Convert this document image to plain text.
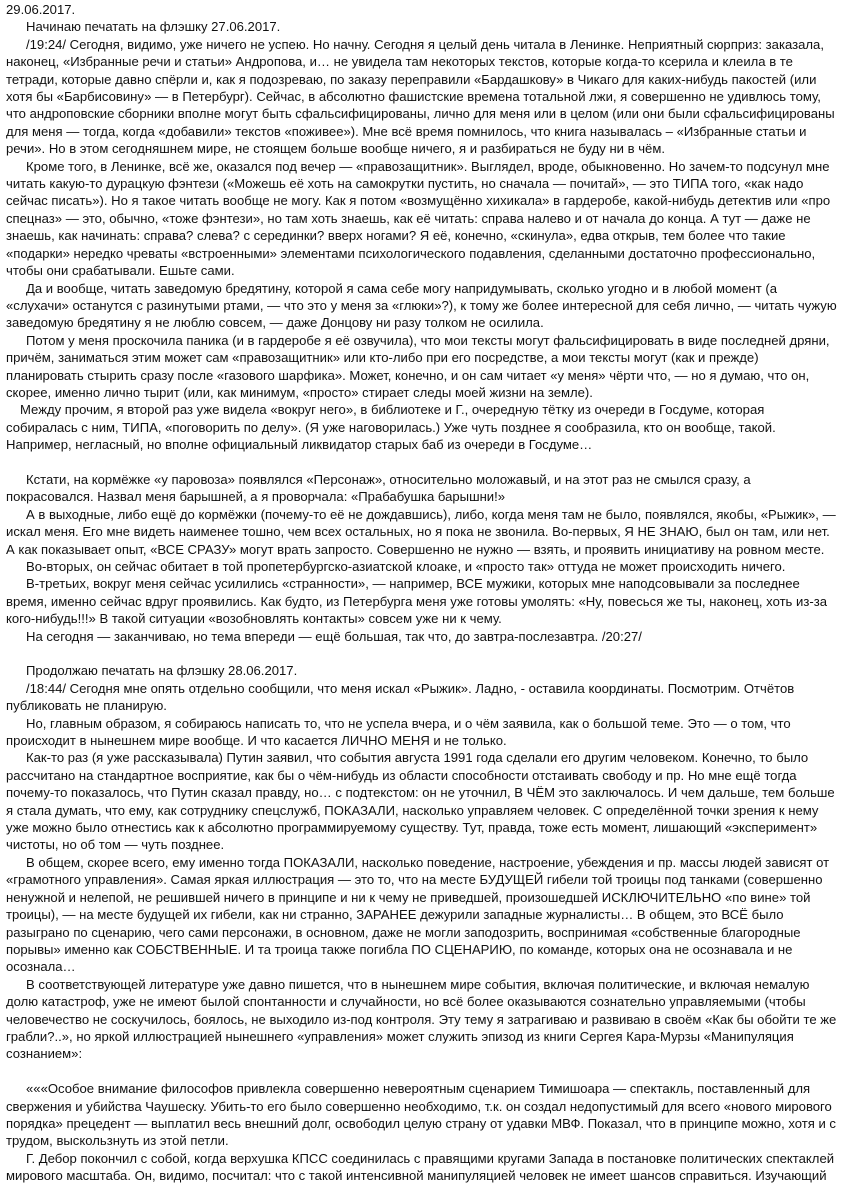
29.06.2017.

Начинаю печатать на флэшку 27.06.2017.

/19:24/ Сегодня, видимо, уже ничего не успею. Но начну. Сегодня я целый день читала в Ленинке. Неприятный сюрприз: заказала, наконец, «Избранные речи и статьи» Андропова, и… не увидела там некоторых текстов, которые когда-то ксерила и клеила в те тетради, которые давно спёрли и, как я подозреваю, по заказу переправили «Бардашкову» в Чикаго для каких-нибудь пакостей (или хотя бы «Барбисовину» — в Петербург). Сейчас, в абсолютно фашистские времена тотальной лжи, я совершенно не удивлюсь тому, что андроповские сборники вполне могут быть сфальсифицированы, лично для меня или в целом (или они были сфальсифицированы для меня — тогда, когда «добавили» текстов «поживее»). Мне всё время помнилось, что книга называлась – «Избранные статьи и речи». Но в этом сегодняшнем мире, не стоящем больше вообще ничего, я и разбираться не буду ни в чём.

Кроме того, в Ленинке, всё же, оказался под вечер — «правозащитник». Выглядел, вроде, обыкновенно. Но зачем-то подсунул мне читать какую-то дурацкую фэнтези («Можешь её хоть на самокрутки пустить, но сначала — почитай», — это ТИПА того, «как надо сейчас писать»). Но я такое читать вообще не могу. Как я потом «возмущённо хихикала» в гардеробе, какой-нибудь детектив или «про спецназ» — это, обычно, «тоже фэнтези», но там хоть знаешь, как её читать: справа налево и от начала до конца. А тут — даже не знаешь, как начинать: справа? слева? с серединки? вверх ногами? Я её, конечно, «скинула», едва открыв, тем более что такие «подарки» нередко чреваты «встроенными» элементами психологического подавления, сделанными достаточно профессионально, чтобы они срабатывали. Ешьте сами.

Да и вообще, читать заведомую бредятину, которой я сама себе могу напридумывать, сколько угодно и в любой момент (а «слухачи» останутся с разинутыми ртами, — что это у меня за «глюки»?), к тому же более интересной для себя лично, — читать чужую заведомую бредятину я не люблю совсем, — даже Донцову ни разу толком не осилила.

Потом у меня проскочила паника (и в гардеробе я её озвучила), что мои тексты могут фальсифицировать в виде последней дряни, причём, заниматься этим может сам «правозащитник» или кто-либо при его посредстве, а мои тексты могут (как и прежде) планировать стырить сразу после «газового шарфика». Может, конечно, и он сам читает «у меня» чёрти что, — но я думаю, что он, скорее, именно лично тырит (или, как минимум, «просто» стирает следы моей жизни на земле).

Между прочим, я второй раз уже видела «вокруг него», в библиотеке и Г., очередную тётку из очереди в Госдуме, которая собиралась с ним, ТИПА, «поговорить по делу». (Я уже наговорилась.) Уже чуть позднее я сообразила, кто он вообще, такой. Например, негласный, но вполне официальный ликвидатор старых баб из очереди в Госдуме…

Кстати, на кормёжке «у паровоза» появлялся «Персонаж», относительно моложавый, и на этот раз не смылся сразу, а покрасовался. Назвал меня барышней, а я проворчала: «Прабабушка барышни!»

А в выходные, либо ещё до кормёжки (почему-то её не дождавшись), либо, когда меня там не было, появлялся, якобы, «Рыжик», — искал меня. Его мне видеть наименее тошно, чем всех остальных, но я пока не звонила. Во-первых, Я НЕ ЗНАЮ, был он там, или нет. А как показывает опыт, «ВСЕ СРАЗУ» могут врать запросто. Совершенно не нужно — взять, и проявить инициативу на ровном месте.

Во-вторых, он сейчас обитает в той пропетербургско-азиатской клоаке, и «просто так» оттуда не может происходить ничего.

В-третьих, вокруг меня сейчас усилились «странности», — например, ВСЕ мужики, которых мне наподсовывали за последнее время, именно сейчас вдруг проявились. Как будто, из Петербурга меня уже готовы умолять: «Ну, повесься же ты, наконец, хоть из-за кого-нибудь!!!» В такой ситуации «возобновлять контакты» совсем уже ни к чему.

На сегодня — заканчиваю, но тема впереди — ещё большая, так что, до завтра-послезавтра. /20:27/

Продолжаю печатать на флэшку 28.06.2017.

/18:44/ Сегодня мне опять отдельно сообщили, что меня искал «Рыжик». Ладно, - оставила координаты. Посмотрим. Отчётов публиковать не планирую.

Но, главным образом, я собираюсь написать то, что не успела вчера, и о чём заявила, как о большой теме. Это — о том, что происходит в нынешнем мире вообще. И что касается ЛИЧНО МЕНЯ и не только.

Как-то раз (я уже рассказывала) Путин заявил, что события августа 1991 года сделали его другим человеком. Конечно, то было рассчитано на стандартное восприятие, как бы о чём-нибудь из области способности отстаивать свободу и пр. Но мне ещё тогда почему-то показалось, что Путин сказал правду, но… с подтекстом: он не уточнил, В ЧЁМ это заключалось. И чем дальше, тем больше я стала думать, что ему, как сотруднику спецслужб, ПОКАЗАЛИ, насколько управляем человек. С определённой точки зрения к нему уже можно было отнестись как к абсолютно программируемому существу. Тут, правда, тоже есть момент, лишающий «эксперимент» чистоты, но об том — чуть позднее.

В общем, скорее всего, ему именно тогда ПОКАЗАЛИ, насколько поведение, настроение, убеждения и пр. массы людей зависят от «грамотного управления». Самая яркая иллюстрация — это то, что на месте БУДУЩЕЙ гибели той троицы под танками (совершенно ненужной и нелепой, не решившей ничего в принципе и ни к чему не приведшей, произошедшей ИСКЛЮЧИТЕЛЬНО «по вине» той троицы), — на месте будущей их гибели, как ни странно, ЗАРАНЕЕ дежурили западные журналисты… В общем, это ВСЁ было разыграно по сценарию, чего сами персонажи, в основном, даже не могли заподозрить, воспринимая «собственные благородные порывы» именно как СОБСТВЕННЫЕ. И та троица также погибла ПО СЦЕНАРИЮ, по команде, которых она не осознавала и не осознала…

В соответствующей литературе уже давно пишется, что в нынешнем мире события, включая политические, и включая немалую долю катастроф, уже не имеют былой спонтанности и случайности, но всё более оказываются сознательно управляемыми (чтобы человечество не соскучилось, боялось, не выходило из-под контроля. Эту тему я затрагиваю и развиваю в своём «Как бы обойти те же грабли?..», но яркой иллюстрацией нынешнего «управления» может служить эпизод из книги Сергея Кара-Мурзы «Манипуляция сознанием»:

«««Особое внимание философов привлекла совершенно невероятным сценарием Тимишоара — спектакль, поставленный для свержения и убийства Чаушеску. Убить-то его было совершенно необходимо, т.к. он создал недопустимый для всего «нового мирового порядка» прецедент — выплатил весь внешний долг, освободил целую страну от удавки МВФ. Показал, что в принципе можно, хотя и с трудом, выскользнуть из этой петли.

Г. Дебор покончил с собой, когда верхушка КПСС соединилась с правящими кругами Запада в постановке политических спектаклей мирового масштаба. Он, видимо, посчитал: что с такой интенсивной манипуляцией человек не имеет шансов справиться. Изучающий
